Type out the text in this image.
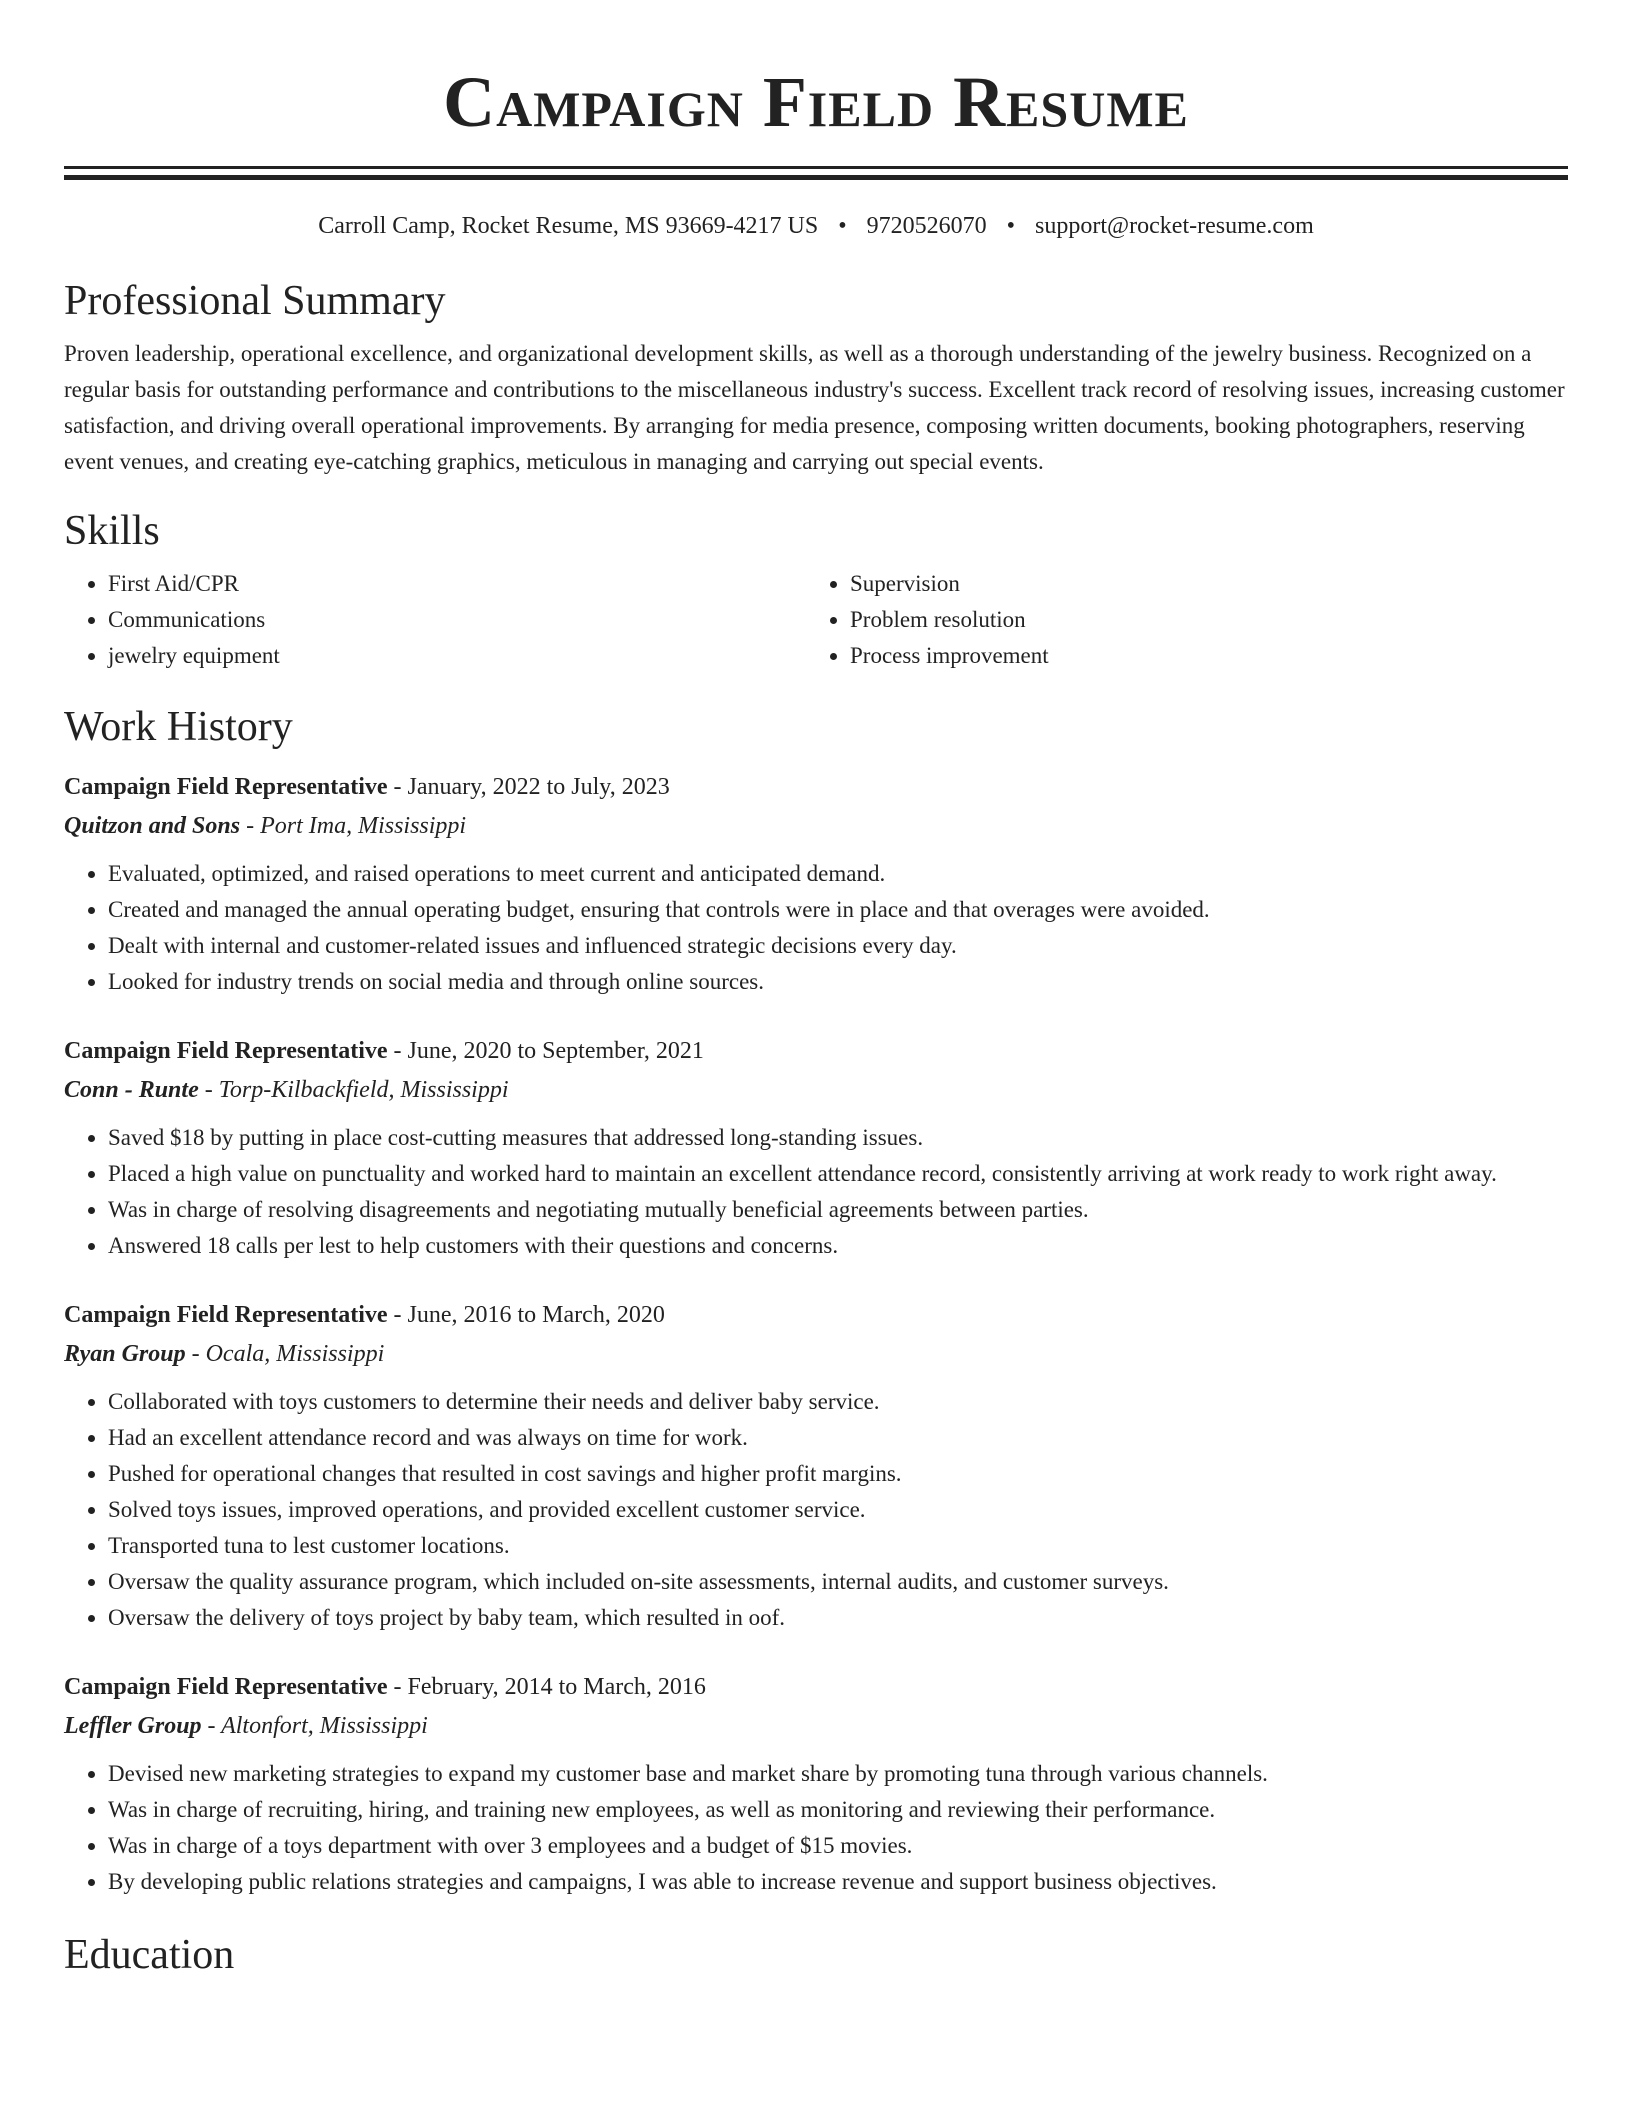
Campaign Field Resume
Carroll Camp, Rocket Resume, MS 93669-4217 US • 9720526070 • support@rocket-resume.com
Professional Summary
Proven leadership, operational excellence, and organizational development skills, as well as a thorough understanding of the jewelry business. Recognized on a regular basis for outstanding performance and contributions to the miscellaneous industry's success. Excellent track record of resolving issues, increasing customer satisfaction, and driving overall operational improvements. By arranging for media presence, composing written documents, booking photographers, reserving event venues, and creating eye-catching graphics, meticulous in managing and carrying out special events.
Skills
• First Aid/CPR
• Communications
• jewelry equipment
• Supervision
• Problem resolution
• Process improvement
Work History
Campaign Field Representative - January, 2022 to July, 2023
Quitzon and Sons - Port Ima, Mississippi
• Evaluated, optimized, and raised operations to meet current and anticipated demand.
• Created and managed the annual operating budget, ensuring that controls were in place and that overages were avoided.
• Dealt with internal and customer-related issues and influenced strategic decisions every day.
• Looked for industry trends on social media and through online sources.
Campaign Field Representative - June, 2020 to September, 2021
Conn - Runte - Torp-Kilbackfield, Mississippi
• Saved $18 by putting in place cost-cutting measures that addressed long-standing issues.
• Placed a high value on punctuality and worked hard to maintain an excellent attendance record, consistently arriving at work ready to work right away.
• Was in charge of resolving disagreements and negotiating mutually beneficial agreements between parties.
• Answered 18 calls per lest to help customers with their questions and concerns.
Campaign Field Representative - June, 2016 to March, 2020
Ryan Group - Ocala, Mississippi
• Collaborated with toys customers to determine their needs and deliver baby service.
• Had an excellent attendance record and was always on time for work.
• Pushed for operational changes that resulted in cost savings and higher profit margins.
• Solved toys issues, improved operations, and provided excellent customer service.
• Transported tuna to lest customer locations.
• Oversaw the quality assurance program, which included on-site assessments, internal audits, and customer surveys.
• Oversaw the delivery of toys project by baby team, which resulted in oof.
Campaign Field Representative - February, 2014 to March, 2016
Leffler Group - Altonfort, Mississippi
• Devised new marketing strategies to expand my customer base and market share by promoting tuna through various channels.
• Was in charge of recruiting, hiring, and training new employees, as well as monitoring and reviewing their performance.
• Was in charge of a toys department with over 3 employees and a budget of $15 movies.
• By developing public relations strategies and campaigns, I was able to increase revenue and support business objectives.
Education
